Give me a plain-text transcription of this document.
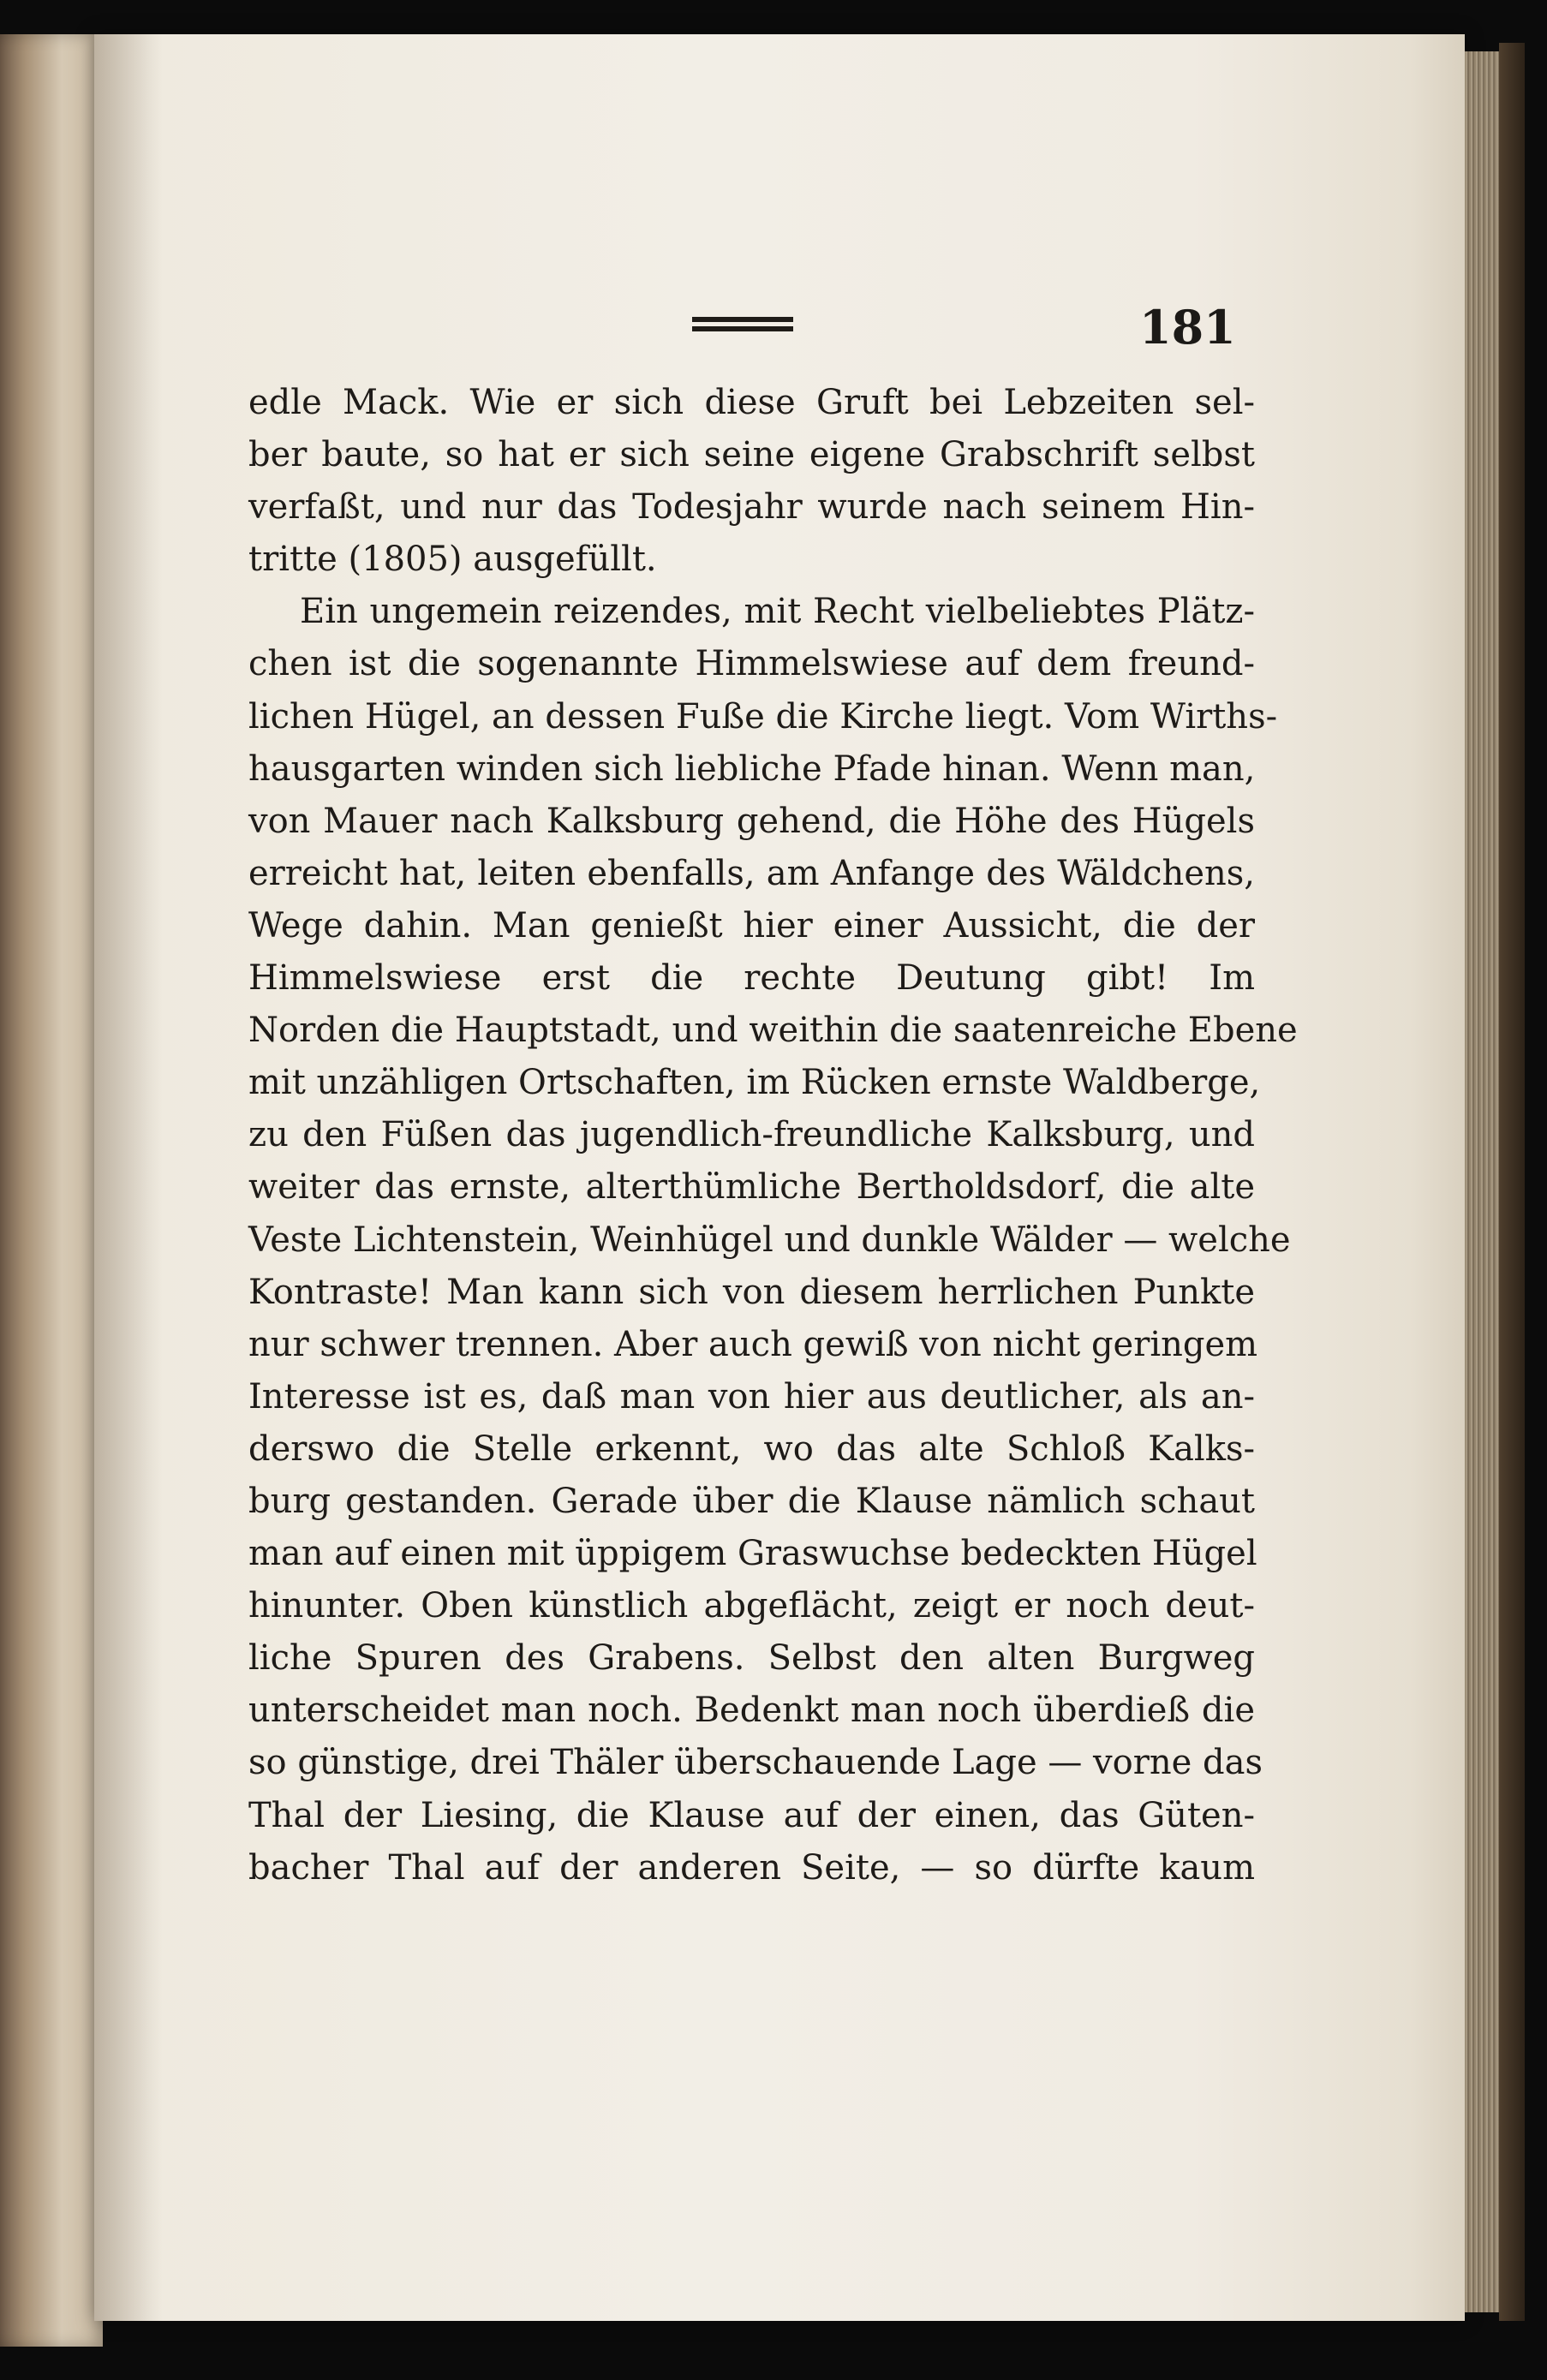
181
edle Mack. Wie er sich diese Gruft bei Lebzeiten sel-
ber baute, so hat er sich seine eigene Grabschrift selbst
verfaßt, und nur das Todesjahr wurde nach seinem Hin-
tritte (1805) ausgefüllt.
Ein ungemein reizendes, mit Recht vielbeliebtes Plätz-
chen ist die sogenannte Himmelswiese auf dem freund-
lichen Hügel, an dessen Fuße die Kirche liegt. Vom Wirths-
hausgarten winden sich liebliche Pfade hinan. Wenn man,
von Mauer nach Kalksburg gehend, die Höhe des Hügels
erreicht hat, leiten ebenfalls, am Anfange des Wäldchens,
Wege dahin. Man genießt hier einer Aussicht, die der
Himmelswiese erst die rechte Deutung gibt! Im
Norden die Hauptstadt, und weithin die saatenreiche Ebene
mit unzähligen Ortschaften, im Rücken ernste Waldberge,
zu den Füßen das jugendlich-freundliche Kalksburg, und
weiter das ernste, alterthümliche Bertholdsdorf, die alte
Veste Lichtenstein, Weinhügel und dunkle Wälder — welche
Kontraste! Man kann sich von diesem herrlichen Punkte
nur schwer trennen. Aber auch gewiß von nicht geringem
Interesse ist es, daß man von hier aus deutlicher, als an-
derswo die Stelle erkennt, wo das alte Schloß Kalks-
burg gestanden. Gerade über die Klause nämlich schaut
man auf einen mit üppigem Graswuchse bedeckten Hügel
hinunter. Oben künstlich abgeflächt, zeigt er noch deut-
liche Spuren des Grabens. Selbst den alten Burgweg
unterscheidet man noch. Bedenkt man noch überdieß die
so günstige, drei Thäler überschauende Lage — vorne das
Thal der Liesing, die Klause auf der einen, das Güten-
bacher Thal auf der anderen Seite, — so dürfte kaum
